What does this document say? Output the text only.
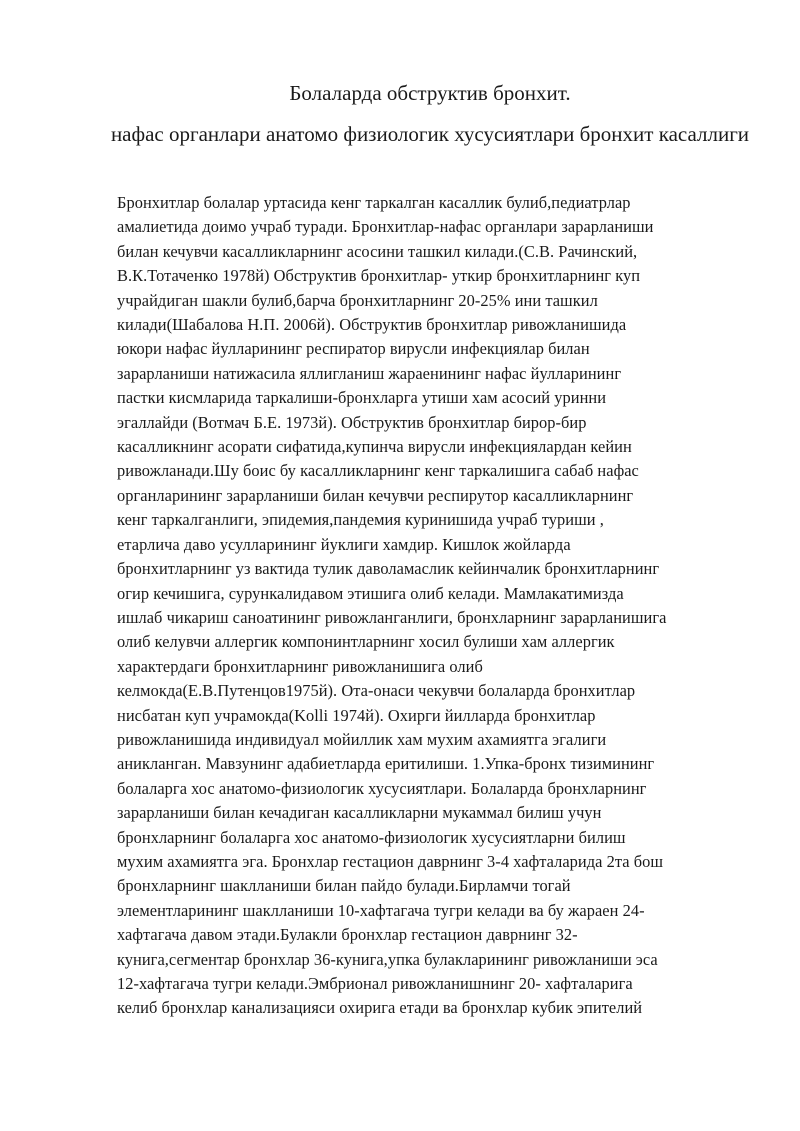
Болаларда обструктив бронхит.
нафас органлари анатомо физиологик хусусиятлари бронхит касаллиги
Бронхитлар болалар уртасида кенг таркалган касаллик булиб,педиатрлар
амалиетида доимо учраб туради. Бронхитлар-нафас органлари зарарланиши
билан кечувчи касалликларнинг асосини ташкил килади.(С.В. Рачинский,
В.К.Тотаченко 1978й) Обструктив бронхитлар- уткир бронхитларнинг куп
учрайдиган шакли булиб,барча бронхитларнинг 20-25% ини ташкил
килади(Шабалова Н.П. 2006й). Обструктив бронхитлар ривожланишида
юкори нафас йулларининг респиратор вирусли инфекциялар билан
зарарланиши натижасила яллигланиш жараенининг нафас йулларининг
пастки кисмларида таркалиши-бронхларга утиши хам асосий уринни
эгаллайди (Вотмач Б.Е. 1973й). Обструктив бронхитлар бирор-бир
касалликнинг асорати сифатида,купинча вирусли инфекциялардан кейин
ривожланади.Шу боис бу касалликларнинг кенг таркалишига сабаб нафас
органларининг зарарланиши билан кечувчи респирутор касалликларнинг
кенг таркалганлиги, эпидемия,пандемия куринишида учраб туриши ,
етарлича даво усулларининг йуклиги хамдир. Кишлок жойларда
бронхитларнинг уз вактида тулик даволамаслик кейинчалик бронхитларнинг
огир кечишига, сурункалидавом этишига олиб келади. Мамлакатимизда
ишлаб чикариш саноатининг ривожланганлиги, бронхларнинг зарарланишига
олиб келувчи аллергик компонинтларнинг хосил булиши хам аллергик
характердаги бронхитларнинг ривожланишига олиб
келмокда(Е.В.Путенцов1975й). Ота-онаси чекувчи болаларда бронхитлар
нисбатан куп учрамокда(Kolli 1974й). Охирги йилларда бронхитлар
ривожланишида индивидуал мойиллик хам мухим ахамиятга эгалиги
аникланган. Мавзунинг адабиетларда еритилиши. 1.Упка-бронх тизимининг
болаларга хос анатомо-физиологик хусусиятлари. Болаларда бронхларнинг
зарарланиши билан кечадиган касалликларни мукаммал билиш учун
бронхларнинг болаларга хос анатомо-физиологик хусусиятларни билиш
мухим ахамиятга эга. Бронхлар гестацион даврнинг 3-4 хафталарида 2та бош
бронхларнинг шаклланиши билан пайдо булади.Бирламчи тогай
элементларининг шаклланиши 10-хафтагача тугри келади ва бу жараен 24-
хафтагача давом этади.Булакли бронхлар гестацион даврнинг 32-
кунига,сегментар бронхлар 36-кунига,упка булакларининг ривожланиши эса
12-хафтагача тугри келади.Эмбрионал ривожланишнинг 20- хафталарига
келиб бронхлар канализацияси охирига етади ва бронхлар кубик эпителий
